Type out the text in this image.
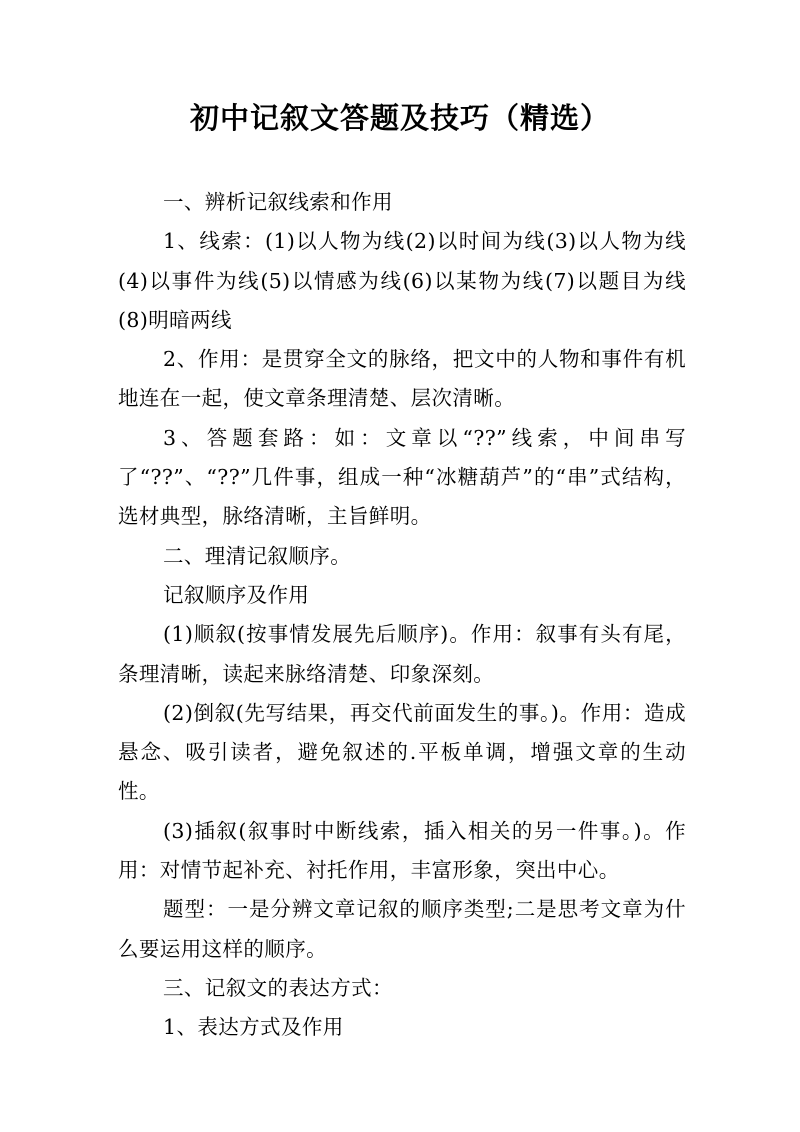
初中记叙文答题及技巧（精选）

一、辨析记叙线索和作用

1、线索：(1)以人物为线(2)以时间为线(3)以人物为线(4)以事件为线(5)以情感为线(6)以某物为线(7)以题目为线(8)明暗两线

2、作用：是贯穿全文的脉络，把文中的人物和事件有机地连在一起，使文章条理清楚、层次清晰。

3、答题套路：如：文章以“??”线索，中间串写了“??”、“??”几件事，组成一种“冰糖葫芦”的“串”式结构，选材典型，脉络清晰，主旨鲜明。

二、理清记叙顺序。

记叙顺序及作用

(1)顺叙(按事情发展先后顺序)。作用：叙事有头有尾，条理清晰，读起来脉络清楚、印象深刻。

(2)倒叙(先写结果，再交代前面发生的事。)。作用：造成悬念、吸引读者，避免叙述的.平板单调，增强文章的生动性。

(3)插叙(叙事时中断线索，插入相关的另一件事。)。作用：对情节起补充、衬托作用，丰富形象，突出中心。

题型：一是分辨文章记叙的顺序类型;二是思考文章为什么要运用这样的顺序。

三、记叙文的表达方式：

1、表达方式及作用
